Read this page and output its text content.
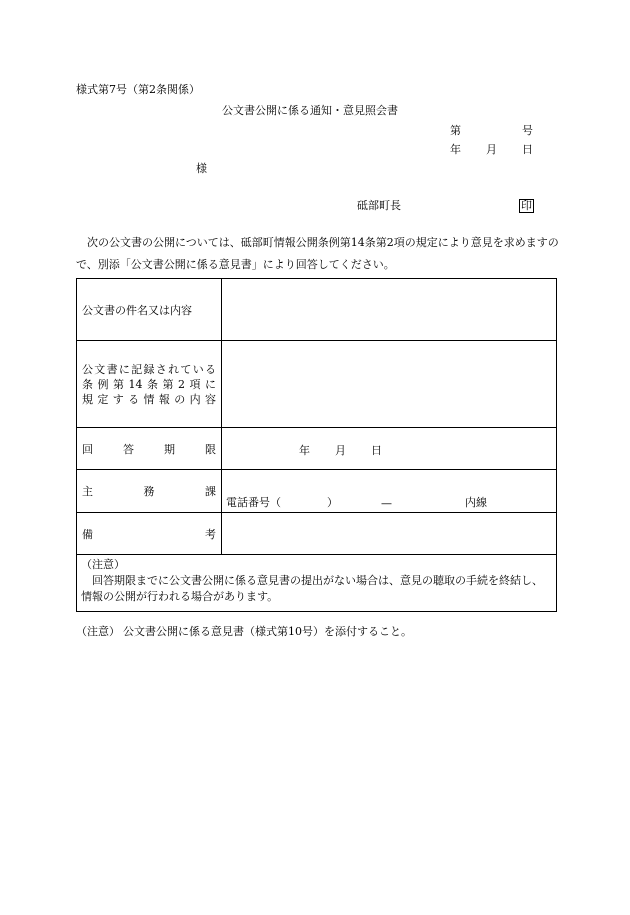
様式第7号（第2条関係）
公文書公開に係る通知・意見照会書
第	号
年 月 日
様
砥部町長	印
次の公文書の公開については、砥部町情報公開条例第14条第2項の規定により意見を求めますので、別添「公文書公開に係る意見書」により回答してください。
公文書の件名又は内容	

公文書に記録されている
条例第14条第2項に
規定する情報の内容	

回 答 期 限	年 月 日

主 務 課	電話番号（ ） — 内線

備 考	

（注意）
回答期限までに公文書公開に係る意見書の提出がない場合は、意見の聴取の手続を終結し、情報の公開が行われる場合があります。	
（注意） 公文書公開に係る意見書（様式第10号）を添付すること。
